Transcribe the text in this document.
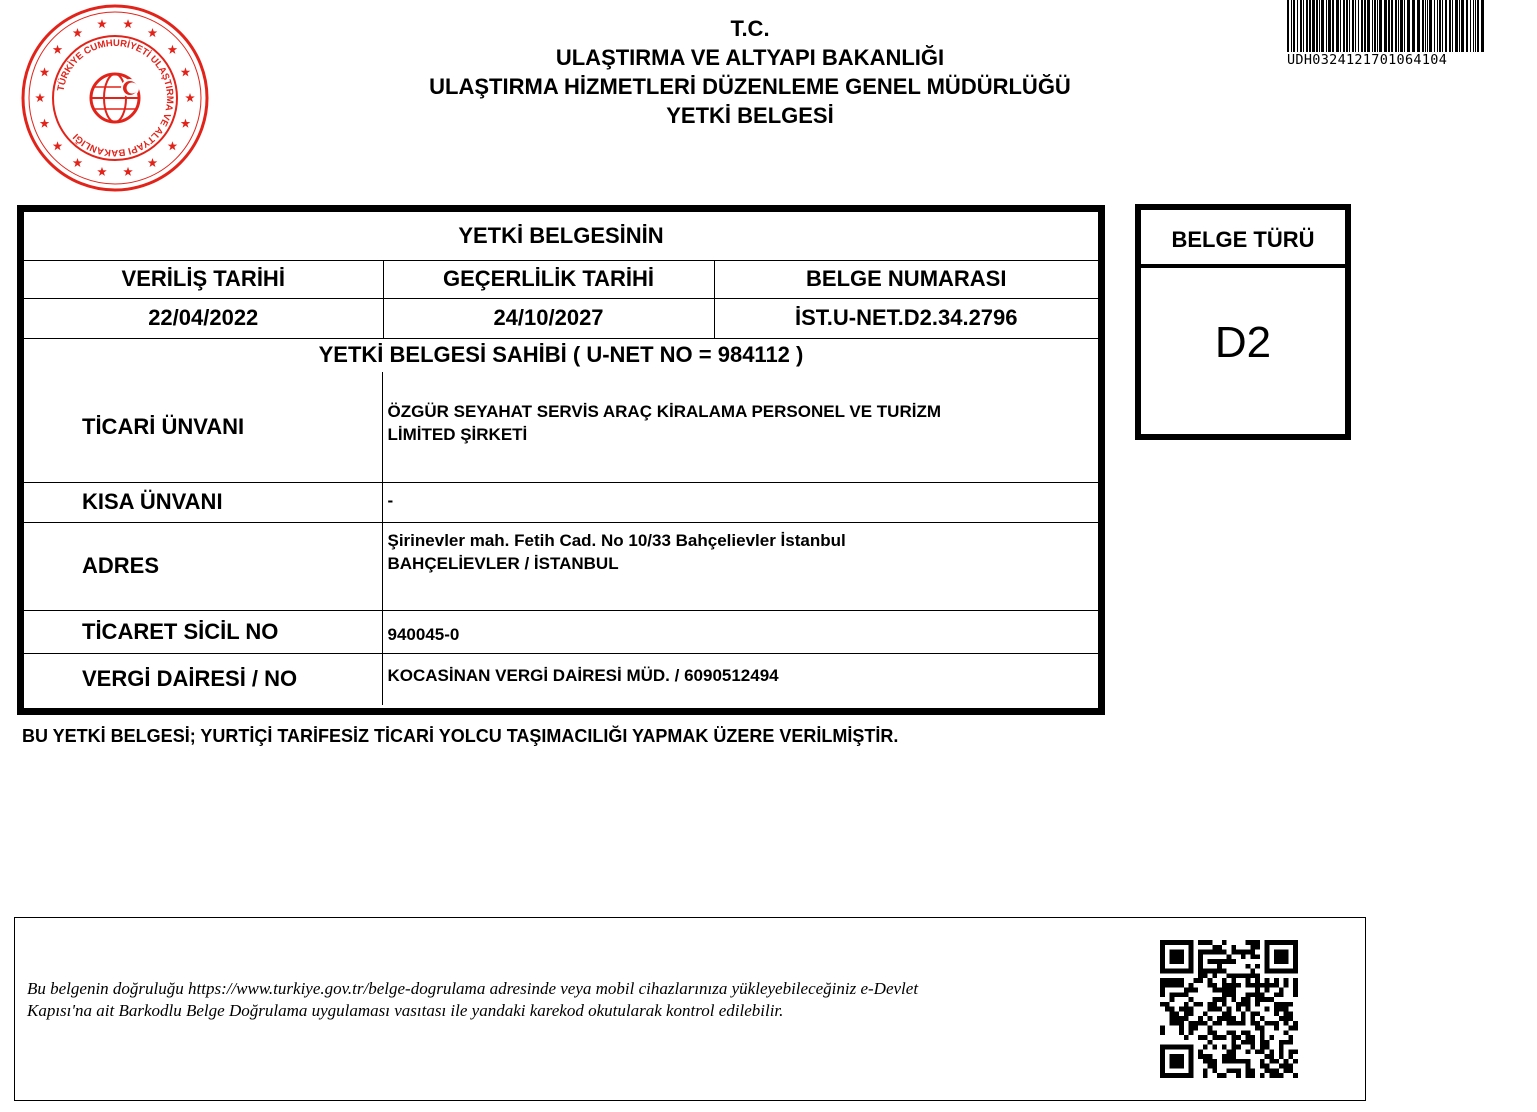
TÜRKİYE CUMHURİYETİ ULAŞTIRMA VE ALTYAPI BAKANLIĞI
T.C.
ULAŞTIRMA VE ALTYAPI BAKANLIĞI
ULAŞTIRMA HİZMETLERİ DÜZENLEME GENEL MÜDÜRLÜĞÜ
YETKİ BELGESİ
UDH0324121701064104
YETKİ BELGESİNİN		
VERİLİŞ TARİHİ	GEÇERLİLİK TARİHİ	BELGE NUMARASI
22/04/2022	24/10/2027	İST.U-NET.D2.34.2796
YETKİ BELGESİ SAHİBİ ( U-NET NO = 984112 )		
TİCARİ ÜNVANI	ÖZGÜR SEYAHAT SERVİS ARAÇ KİRALAMA PERSONEL VE TURİZM
LİMİTED ŞİRKETİ

KISA ÜNVANI	-

ADRES	Şirinevler mah. Fetih Cad. No 10/33 Bahçelievler İstanbul
BAHÇELİEVLER / İSTANBUL

TİCARET SİCİL NO	940045-0

VERGİ DAİRESİ / NO	KOCASİNAN VERGİ DAİRESİ MÜD. / 6090512494
BELGE TÜRÜ
D2
BU YETKİ BELGESİ; YURTİÇİ TARİFESİZ TİCARİ YOLCU TAŞIMACILIĞI YAPMAK ÜZERE VERİLMİŞTİR.
Bu belgenin doğruluğu https://www.turkiye.gov.tr/belge-dogrulama adresinde veya mobil cihazlarınıza yükleyebileceğiniz e-Devlet
Kapısı'na ait Barkodlu Belge Doğrulama uygulaması vasıtası ile yandaki karekod okutularak kontrol edilebilir.
